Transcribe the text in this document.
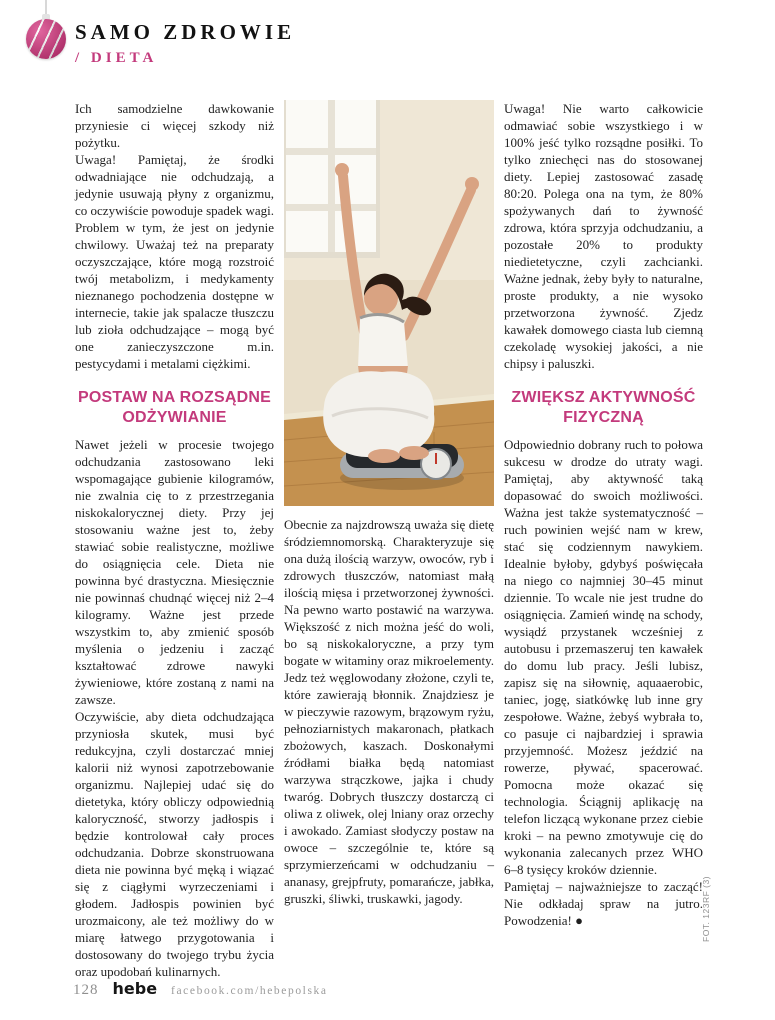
SAMO ZDROWIE
/ DIETA

Ich samodzielne dawkowanie przyniesie ci więcej szkody niż pożytku.

Uwaga! Pamiętaj, że środki odwadniające nie odchudzają, a jedynie usuwają płyny z organizmu, co oczywiście powoduje spadek wagi. Problem w tym, że jest on jedynie chwilowy. Uważaj też na preparaty oczyszczające, które mogą rozstroić twój metabolizm, i medykamenty nieznanego pochodzenia dostępne w internecie, takie jak spalacze tłuszczu lub zioła odchudzające – mogą być one zanieczyszczone m.in. pestycydami i metalami ciężkimi.

POSTAW NA ROZSĄDNE ODŻYWIANIE

Nawet jeżeli w procesie twojego odchudzania zastosowano leki wspomagające gubienie kilogramów, nie zwalnia cię to z przestrzegania niskokalorycznej diety. Przy jej stosowaniu ważne jest to, żeby stawiać sobie realistyczne, możliwe do osiągnięcia cele. Dieta nie powinna być drastyczna. Miesięcznie nie powinnaś chudnąć więcej niż 2–4 kilogramy. Ważne jest przede wszystkim to, aby zmienić sposób myślenia o jedzeniu i zacząć kształtować zdrowe nawyki żywieniowe, które zostaną z nami na zawsze.

Oczywiście, aby dieta odchudzająca przyniosła skutek, musi być redukcyjna, czyli dostarczać mniej kalorii niż wynosi zapotrzebowanie organizmu. Najlepiej udać się do dietetyka, który obliczy odpowiednią kaloryczność, stworzy jadłospis i będzie kontrolował cały proces odchudzania. Dobrze skonstruowana dieta nie powinna być męką i wiązać się z ciągłymi wyrzeczeniami i głodem. Jadłospis powinien być urozmaicony, ale też możliwy do w miarę łatwego przygotowania i dostosowany do twojego trybu życia oraz upodobań kulinarnych.

Obecnie za najzdrowszą uważa się dietę śródziemnomorską. Charakteryzuje się ona dużą ilością warzyw, owoców, ryb i zdrowych tłuszczów, natomiast małą ilością mięsa i przetworzonej żywności. Na pewno warto postawić na warzywa. Większość z nich można jeść do woli, bo są niskokaloryczne, a przy tym bogate w witaminy oraz mikroelementy. Jedz też węglowodany złożone, czyli te, które zawierają błonnik. Znajdziesz je w pieczywie razowym, brązowym ryżu, pełnoziarnistych makaronach, płatkach zbożowych, kaszach. Doskonałymi źródłami białka będą natomiast warzywa strączkowe, jajka i chudy twaróg. Dobrych tłuszczy dostarczą ci oliwa z oliwek, olej lniany oraz orzechy i awokado. Zamiast słodyczy postaw na owoce – szczególnie te, które są sprzymierzeńcami w odchudzaniu – ananasy, grejpfruty, pomarańcze, jabłka, gruszki, śliwki, truskawki, jagody.

Uwaga! Nie warto całkowicie odmawiać sobie wszystkiego i w 100% jeść tylko rozsądne posiłki. To tylko zniechęci nas do stosowanej diety. Lepiej zastosować zasadę 80:20. Polega ona na tym, że 80% spożywanych dań to żywność zdrowa, która sprzyja odchudzaniu, a pozostałe 20% to produkty niedietetyczne, czyli zachcianki. Ważne jednak, żeby były to naturalne, proste produkty, a nie wysoko przetworzona żywność. Zjedz kawałek domowego ciasta lub ciemną czekoladę wysokiej jakości, a nie chipsy i paluszki.

ZWIĘKSZ AKTYWNOŚĆ FIZYCZNĄ

Odpowiednio dobrany ruch to połowa sukcesu w drodze do utraty wagi. Pamiętaj, aby aktywność taką dopasować do swoich możliwości. Ważna jest także systematyczność – ruch powinien wejść nam w krew, stać się codziennym nawykiem. Idealnie byłoby, gdybyś poświęcała na niego co najmniej 30–45 minut dziennie. To wcale nie jest trudne do osiągnięcia. Zamień windę na schody, wysiądź przystanek wcześniej z autobusu i przemaszeruj ten kawałek do domu lub pracy. Jeśli lubisz, zapisz się na siłownię, aquaaerobic, taniec, jogę, siatkówkę lub inne gry zespołowe. Ważne, żebyś wybrała to, co pasuje ci najbardziej i sprawia przyjemność. Możesz jeździć na rowerze, pływać, spacerować. Pomocna może okazać się technologia. Ściągnij aplikację na telefon liczącą wykonane przez ciebie kroki – na pewno zmotywuje cię do wykonania zalecanych przez WHO 6–8 tysięcy kroków dziennie.

Pamiętaj – najważniejsze to zacząć! Nie odkładaj spraw na jutro. Powodzenia! ●	FOT. 123RF (3)
128 hebe facebook.com/hebepolska
